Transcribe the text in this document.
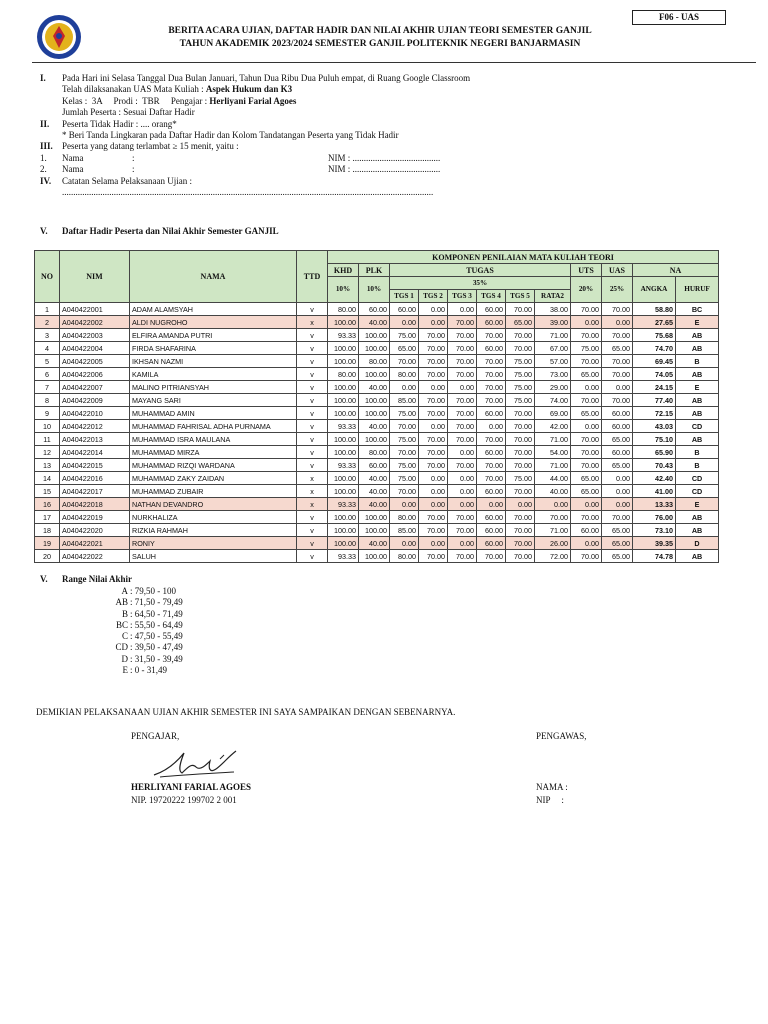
F06 - UAS
BERITA ACARA UJIAN, DAFTAR HADIR DAN NILAI AKHIR UJIAN TEORI SEMESTER GANJIL
TAHUN AKADEMIK 2023/2024 SEMESTER GANJIL POLITEKNIK NEGERI BANJARMASIN
I. Pada Hari ini Selasa Tanggal Dua Bulan Januari, Tahun Dua Ribu Dua Puluh empat, di Ruang Google Classroom
Telah dilaksanakan UAS Mata Kuliah : Aspek Hukum dan K3
Kelas :  3A     Prodi :  TBR     Pengajar : Herliyani Farial Agoes
Jumlah Peserta : Sesuai Daftar Hadir
II. Peserta Tidak Hadir : .... orang*
* Beri Tanda Lingkaran pada Daftar Hadir dan Kolom Tandatangan Peserta yang Tidak Hadir
III. Peserta yang datang terlambat ≥ 15 menit, yaitu :
1. Nama	:	NIM : .......................................
2. Nama	:	NIM : .......................................
IV. Catatan Selama Pelaksanaan Ujian :
.....................................................................................................................................................................
V. Daftar Hadir Peserta dan Nilai Akhir Semester GANJIL
NO	NIM	NAMA	TTD	KOMPONEN PENILAIAN MATA KULIAH TEORI											
				KHD	PLK	TUGAS						UTS	UAS	NA	
				10%	10%	35%						20%	25%	ANGKA	HURUF
						TGS 1	TGS 2	TGS 3	TGS 4	TGS 5	RATA2				
1	A040422001	ADAM ALAMSYAH	v	80.00	60.00	60.00	0.00	0.00	60.00	70.00	38.00	70.00	70.00	58.80	BC
2	A040422002	ALDI NUGROHO	x	100.00	40.00	0.00	0.00	70.00	60.00	65.00	39.00	0.00	0.00	27.65	E
3	A040422003	ELFIRA AMANDA PUTRI	v	93.33	100.00	75.00	70.00	70.00	70.00	70.00	71.00	70.00	70.00	75.68	AB
4	A040422004	FIRDA SHAFARINA	v	100.00	100.00	65.00	70.00	70.00	60.00	70.00	67.00	75.00	65.00	74.70	AB
5	A040422005	IKHSAN NAZMI	v	100.00	80.00	70.00	70.00	70.00	70.00	75.00	57.00	70.00	70.00	69.45	B
6	A040422006	KAMILA	v	80.00	100.00	80.00	70.00	70.00	70.00	75.00	73.00	65.00	70.00	74.05	AB
7	A040422007	MALINO PITRIANSYAH	v	100.00	40.00	0.00	0.00	0.00	70.00	75.00	29.00	0.00	0.00	24.15	E
8	A040422009	MAYANG SARI	v	100.00	100.00	85.00	70.00	70.00	70.00	75.00	74.00	70.00	70.00	77.40	AB
9	A040422010	MUHAMMAD AMIN	v	100.00	100.00	75.00	70.00	70.00	60.00	70.00	69.00	65.00	60.00	72.15	AB
10	A040422012	MUHAMMAD FAHRISAL ADHA PURNAMA	v	93.33	40.00	70.00	0.00	70.00	0.00	70.00	42.00	0.00	60.00	43.03	CD
11	A040422013	MUHAMMAD ISRA MAULANA	v	100.00	100.00	75.00	70.00	70.00	70.00	70.00	71.00	70.00	65.00	75.10	AB
12	A040422014	MUHAMMAD MIRZA	v	100.00	80.00	70.00	70.00	0.00	60.00	70.00	54.00	70.00	60.00	65.90	B
13	A040422015	MUHAMMAD RIZQI WARDANA	v	93.33	60.00	75.00	70.00	70.00	70.00	70.00	71.00	70.00	65.00	70.43	B
14	A040422016	MUHAMMAD ZAKY ZAIDAN	x	100.00	40.00	75.00	0.00	0.00	70.00	75.00	44.00	65.00	0.00	42.40	CD
15	A040422017	MUHAMMAD ZUBAIR	x	100.00	40.00	70.00	0.00	0.00	60.00	70.00	40.00	65.00	0.00	41.00	CD
16	A040422018	NATHAN DEVANDRO	x	93.33	40.00	0.00	0.00	0.00	0.00	0.00	0.00	0.00	0.00	13.33	E
17	A040422019	NURKHALIZA	v	100.00	100.00	80.00	70.00	70.00	60.00	70.00	70.00	70.00	70.00	76.00	AB
18	A040422020	RIZKIA RAHMAH	v	100.00	100.00	85.00	70.00	70.00	60.00	70.00	71.00	60.00	65.00	73.10	AB
19	A040422021	RONIY	v	100.00	40.00	0.00	0.00	0.00	60.00	70.00	26.00	0.00	65.00	39.35	D
20	A040422022	SALUH	v	93.33	100.00	80.00	70.00	70.00	70.00	70.00	72.00	70.00	65.00	74.78	AB
V. Range Nilai Akhir
A : 79,50 - 100
AB : 71,50 - 79,49
B : 64,50 - 71,49
BC : 55,50 - 64,49
C : 47,50 - 55,49
CD : 39,50 - 47,49
D : 31,50 - 39,49
E : 0 - 31,49
DEMIKIAN PELAKSANAAN UJIAN AKHIR SEMESTER INI SAYA SAMPAIKAN DENGAN SEBENARNYA.
PENGAJAR,	PENGAWAS,
HERLIYANI FARIAL AGOES
NIP. 19720222 199702 2 001
NAMA :
NIP     :
